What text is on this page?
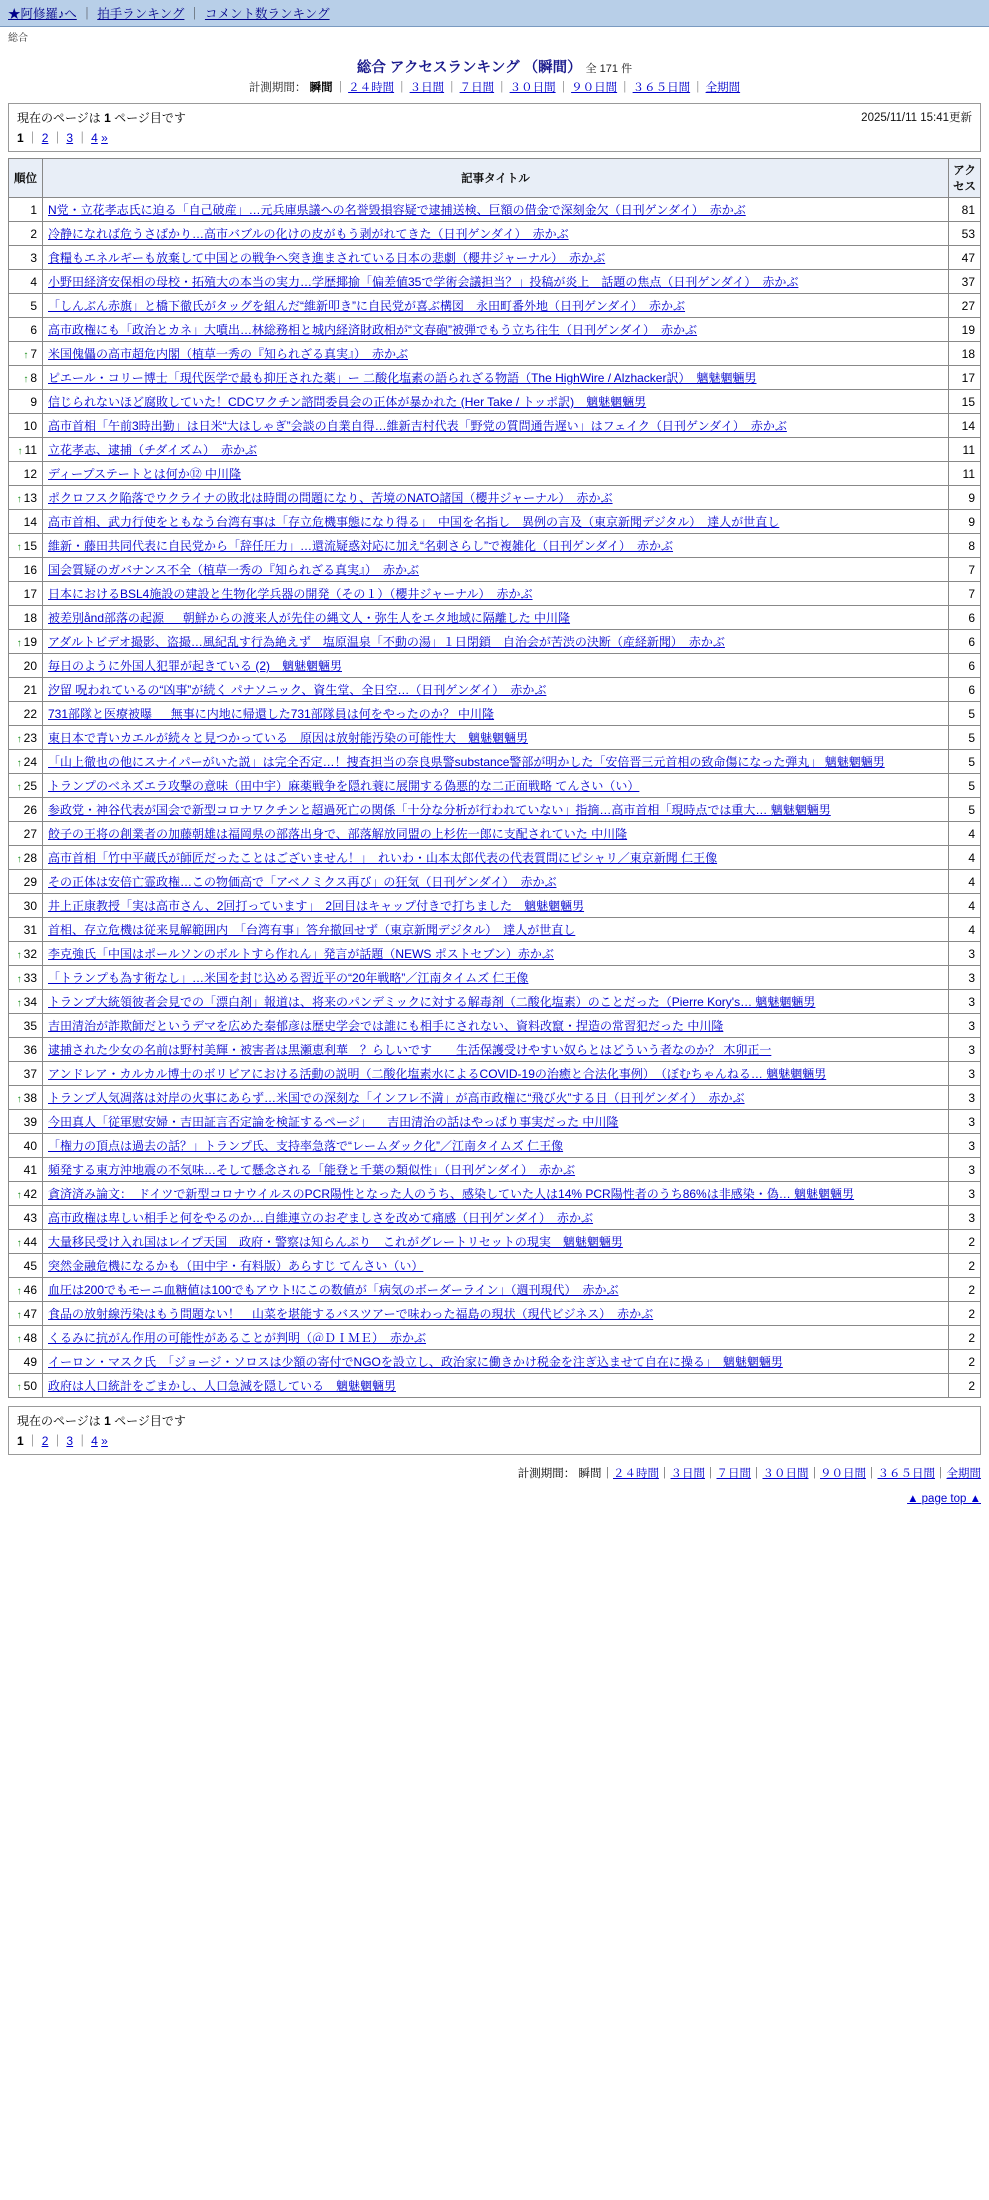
★阿修羅♪へ ｜ 拍手ランキング ｜ コメント数ランキング
総合
総合 アクセスランキング （瞬間） 全 171 件
計測期間： 瞬間 ｜ ２４時間 ｜ ３日間 ｜ ７日間 ｜ ３０日間 ｜ ９０日間 ｜ ３６５日間 ｜ 全期間
2025/11/11 15:41更新
現在のページは 1 ページ目です
1 ｜ 2 ｜ 3 ｜ 4 »
順位	記事タイトル	アクセス
1	N党・立花孝志氏に迫る「自己破産」…元兵庫県議への名誉毀損容疑で逮捕送検、巨額の借金で深刻金欠（日刊ゲンダイ）　赤かぶ	81
2	冷静になれば危うさばかり…高市バブルの化けの皮がもう剥がれてきた（日刊ゲンダイ）　赤かぶ	53
3	食糧もエネルギーも放棄して中国との戦争へ突き進まされている日本の悲劇（櫻井ジャーナル）　赤かぶ	47
4	小野田経済安保相の母校・拓殖大の本当の実力…学歴揶揄「偏差値35で学術会議担当？」投稿が炎上　話題の焦点（日刊ゲンダイ）　赤かぶ	37
5	「しんぶん赤旗」と橋下徹氏がタッグを組んだ“維新叩き”に自民党が喜ぶ構図　永田町番外地（日刊ゲンダイ）　赤かぶ	27
6	高市政権にも「政治とカネ」大噴出…林総務相と城内経済財政相が“文春砲”被弾でもう立ち往生（日刊ゲンダイ）　赤かぶ	19
↑ 7	米国傀儡の高市超危内閣（植草一秀の『知られざる真実』）　赤かぶ	18
↑ 8	ピエール・コリー博士「現代医学で最も抑圧された薬」ー 二酸化塩素の語られざる物語（The HighWire / Alzhacker訳）　魑魅魍魎男	17
9	信じられないほど腐敗していた！CDCワクチン諮問委員会の正体が暴かれた (Her Take / トッポ訳)　魑魅魍魎男	15
10	高市首相「午前3時出勤」は日米“大はしゃぎ”会談の自業自得…維新吉村代表「野党の質問通告遅い」はフェイク（日刊ゲンダイ）　赤かぶ	14
↑ 11	立花孝志、逮捕（チダイズム）　赤かぶ	11
12	ディープステートとは何か⑫ 中川隆	11
↑ 13	ポクロフスク陥落でウクライナの敗北は時間の問題になり、苦境のNATO諸国（櫻井ジャーナル）　赤かぶ	9
14	高市首相、武力行使をともなう台湾有事は「存立危機事態になり得る」　中国を名指し　異例の言及（東京新聞デジタル）　達人が世直し	9
↑ 15	維新・藤田共同代表に自民党から「辞任圧力」…還流疑惑対応に加え“名刺さらし”で複雑化（日刊ゲンダイ）　赤かぶ	8
16	国会質疑のガバナンス不全（植草一秀の『知られざる真実』）　赤かぶ	7
17	日本におけるBSL4施設の建設と生物化学兵器の開発（その１）（櫻井ジャーナル）　赤かぶ	7
18	被差別ånd部落の起源 ＿ 朝鮮からの渡来人が先住の縄文人・弥生人をエタ地域に隔離した 中川隆	6
↑ 19	アダルトビデオ撮影、盗撮…風紀乱す行為絶えず　塩原温泉「不動の湯」１日閉鎖　自治会が苦渋の決断（産経新聞）　赤かぶ	6
20	毎日のように外国人犯罪が起きている (2)　魑魅魍魎男	6
21	汐留 呪われているの“凶事”が続く パナソニック、資生堂、全日空…（日刊ゲンダイ）　赤かぶ	6
22	731部隊と医療被曝 ＿ 無事に内地に帰還した731部隊員は何をやったのか？ 中川隆	5
↑ 23	東日本で青いカエルが続々と見つかっている　原因は放射能汚染の可能性大　魑魅魍魎男	5
↑ 24	「山上徹也の他にスナイパーがいた説」は完全否定…！捜査担当の奈良県警substance警部が明かした「安倍晋三元首相の致命傷になった弾丸」 魑魅魍魎男	5
↑ 25	トランプのベネズエラ攻撃の意味（田中宇）麻薬戦争を隠れ蓑に展開する偽悪的な二正面戦略 てんさい（い）	5
26	参政党・神谷代表が国会で新型コロナワクチンと超過死亡の関係「十分な分析が行われていない」指摘…高市首相「現時点では重大… 魑魅魍魎男	5
27	餃子の王将の創業者の加藤朝雄は福岡県の部落出身で、部落解放同盟の上杉佐一郎に支配されていた 中川隆	4
↑ 28	高市首相「竹中平蔵氏が師匠だったことはございません！」　れいわ・山本太郎代表の代表質問にピシャリ／東京新聞 仁王像	4
29	その正体は安倍亡霊政権…この物価高で「アベノミクス再び」の狂気（日刊ゲンダイ）　赤かぶ	4
30	井上正康教授「実は高市さん、2回打っています」　2回目はキャップ付きで打ちました　魑魅魍魎男	4
31	首相、存立危機は従来見解範囲内　「台湾有事」答弁撤回せず（東京新聞デジタル）　達人が世直し	4
↑ 32	李克強氏「中国はポールソンのボルトすら作れん」発言が話題（NEWS ポストセブン）赤かぶ	3
↑ 33	「トランプも為す術なし」…米国を封じ込める習近平の“20年戦略”／江南タイムズ 仁王像	3
↑ 34	トランプ大統領彼者会見での「漂白剤」報道は、将来のパンデミックに対する解毒剤（二酸化塩素）のことだった（Pierre Kory's… 魑魅魍魎男	3
35	吉田清治が詐欺師だというデマを広めた秦郁彦は歴史学会では誰にも相手にされない、資料改竄・捏造の常習犯だった 中川隆	3
36	逮捕された少女の名前は野村美輝・被害者は黒瀬恵利華　？らしいです　　生活保護受けやすい奴らとはどういう者なのか？ 木卯正一	3
37	アンドレア・カルカル博士のボリビアにおける活動の説明（二酸化塩素水によるCOVID-19の治癒と合法化事例）　（ぼむちゃんねる… 魑魅魍魎男	3
↑ 38	トランプ人気凋落は対岸の火事にあらず…米国での深刻な「インフレ不満」が高市政権に“飛び火”する日（日刊ゲンダイ）　赤かぶ	3
39	今田真人「従軍慰安婦・吉田証言否定論を検証するページ」＿ 吉田清治の話はやっぱり事実だった 中川隆	3
40	「権力の頂点は過去の話？」トランプ氏、支持率急落で“レームダック化”／江南タイムズ 仁王像	3
41	頻発する東方沖地震の不気味…そして懸念される「能登と千葉の類似性」（日刊ゲンダイ）　赤かぶ	3
↑ 42	貪済済み論文：　ドイツで新型コロナウイルスのPCR陽性となった人のうち、感染していた人は14% PCR陽性者のうち86%は非感染・偽… 魑魅魍魎男	3
43	高市政権は卑しい相手と何をやるのか…自維連立のおぞましさを改めて痛感（日刊ゲンダイ）　赤かぶ	3
↑ 44	大量移民受け入れ国はレイプ天国　政府・警察は知らんぷり　これがグレートリセットの現実　魑魅魍魎男	2
45	突然金融危機になるかも（田中宇・有料版）あらすじ てんさい（い）	2
↑ 46	血圧は200でもモーニ血糖値は100でもアウト!にこの数値が「病気のボーダーライン」（週刊現代）　赤かぶ	2
↑ 47	食品の放射線汚染はもう問題ない！　山菜を堪能するバスツアーで味わった福島の現状（現代ビジネス）　赤かぶ	2
↑ 48	くるみに抗がん作用の可能性があることが判明（＠ＤＩＭＥ）　赤かぶ	2
49	イーロン・マスク氏　「ジョージ・ソロスは少額の寄付でNGOを設立し、政治家に働きかけ税金を注ぎ込ませて自在に操る」　魑魅魍魎男	2
↑ 50	政府は人口統計をごまかし、人口急減を隠している　魑魅魍魎男	2
現在のページは 1 ページ目です
1 ｜ 2 ｜ 3 ｜ 4 »
計測期間： 瞬間｜２４時間｜３日間｜７日間｜３０日間｜９０日間｜３６５日間｜全期間
▲ page top ▲
